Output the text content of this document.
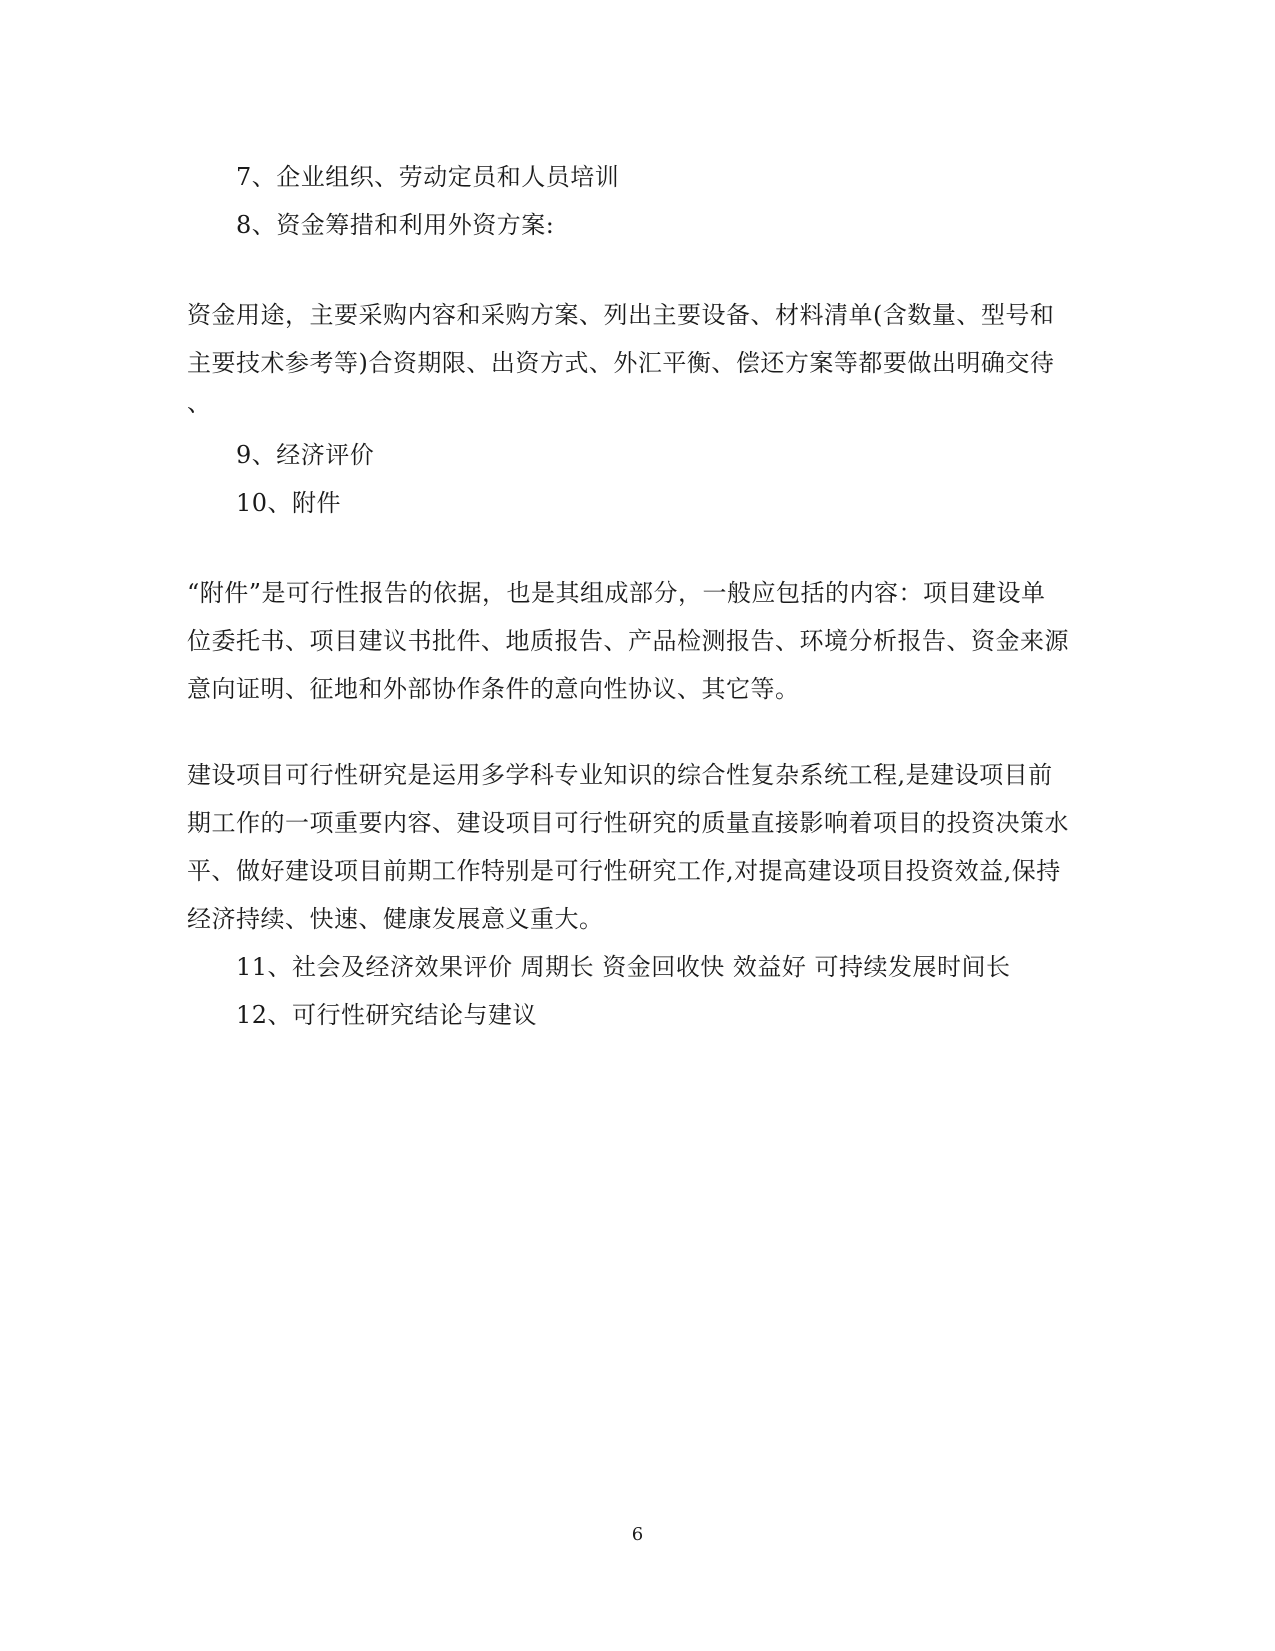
7、企业组织、劳动定员和人员培训
8、资金筹措和利用外资方案:
资金用途，主要采购内容和采购方案、列出主要设备、材料清单(含数量、型号和
主要技术参考等)合资期限、出资方式、外汇平衡、偿还方案等都要做出明确交待
、
9、经济评价
10、附件
“附件”是可行性报告的依据，也是其组成部分，一般应包括的内容：项目建设单
位委托书、项目建议书批件、地质报告、产品检测报告、环境分析报告、资金来源
意向证明、征地和外部协作条件的意向性协议、其它等。
建设项目可行性研究是运用多学科专业知识的综合性复杂系统工程,是建设项目前
期工作的一项重要内容、建设项目可行性研究的质量直接影响着项目的投资决策水
平、做好建设项目前期工作特别是可行性研究工作,对提高建设项目投资效益,保持
经济持续、快速、健康发展意义重大。
11、社会及经济效果评价 周期长 资金回收快 效益好 可持续发展时间长
12、可行性研究结论与建议
6
